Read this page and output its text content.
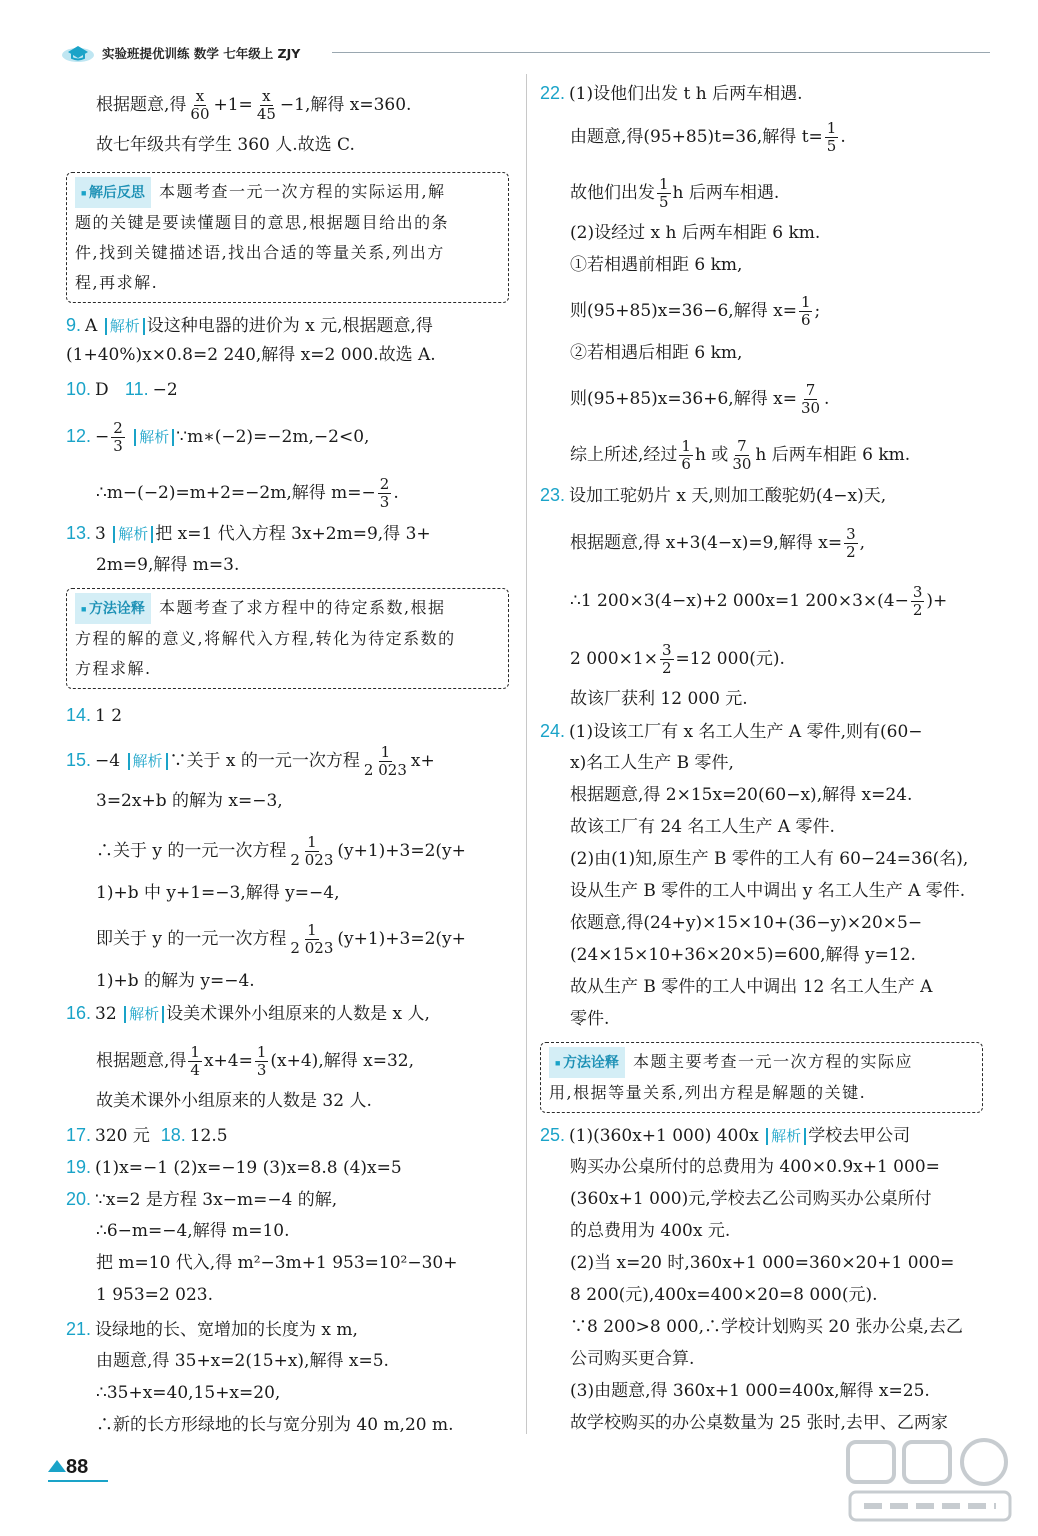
实验班提优训练 数学 七年级上 ZJY
根据题意,得 $\frac{x}{60} +1= \frac{x}{45} -1$,解得 x=360.
故七年级共有学生 360 人.故选 C.
■ 解后反思 本题考查一元一次方程的实际运用,解
题的关键是要读懂题目的意思,根据题目给出的条
件,找到关键描述语,找出合适的等量关系,列出方
程,再求解.
9. A 解析 设这种电器的进价为 x 元,根据题意,得
(1+40%)x×0.8=2 240,解得 x=2 000.故选 A.
10. D 11. −2
12. − $\frac{2}{3}$ 解析 ∵m∗(−2)=−2m,−2<0,
∴m−(−2)=m+2=−2m,解得 $m=- \frac{2}{3}$ .
13. 3 解析 把 x=1 代入方程 3x+2m=9,得 3+
2m=9,解得 m=3.
■ 方法诠释 本题考查了求方程中的待定系数,根据
方程的解的意义,将解代入方程,转化为待定系数的
方程求解.
14. 1 2
15. −4 解析 ∵关于 x 的一元一次方程 $\frac{1}{2 023} x+$
3=2x+b 的解为 x=−3,
∴关于 y 的一元一次方程 $\frac{1}{2 023} (y+1)+3=2(y+$
1)+b 中 y+1=−3,解得 y=−4,
即关于 y 的一元一次方程 $\frac{1}{2 023} (y+1)+3=2(y+$
1)+b 的解为 y=−4.
16. 32 解析 设美术课外小组原来的人数是 x 人,
根据题意,得 $\frac{1}{4} x+4= \frac{1}{3} (x+4)$,解得 x=32,
故美术课外小组原来的人数是 32 人.
17. 320 元 18. 12.5
19. (1)x=−1 (2)x=−19 (3)x=8.8 (4)x=5
20. ∵x=2 是方程 3x−m=−4 的解,
∴6−m=−4,解得 m=10.
把 m=10 代入,得 m²−3m+1 953=10²−30+
1 953=2 023.
21. 设绿地的长、宽增加的长度为 x m,
由题意,得 35+x=2(15+x),解得 x=5.
∴35+x=40,15+x=20,
∴新的长方形绿地的长与宽分别为 40 m,20 m.
22. (1)设他们出发 t h 后两车相遇.
由题意,得(95+85)t=36,解得 $t= \frac{1}{5}$ .
故他们出发 $\frac{1}{5}$ h 后两车相遇.
(2)设经过 x h 后两车相距 6 km.
①若相遇前相距 6 km,
则(95+85)x=36−6,解得 $x= \frac{1}{6}$ ;
②若相遇后相距 6 km,
则(95+85)x=36+6,解得 $x= \frac{7}{30}$ .
综上所述,经过 $\frac{1}{6}$ h 或 $\frac{7}{30}$ h 后两车相距 6 km.
23. 设加工驼奶片 x 天,则加工酸驼奶(4−x)天,
根据题意,得 x+3(4−x)=9,解得 $x= \frac{3}{2}$ ,
∴1 200×3(4−x)+2 000x=1 $200\times 3\times(4- \frac{3}{2}$ )+
2 $000\times 1\times \frac{3}{2} =12$ 000(元).
故该厂获利 12 000 元.
24. (1)设该工厂有 x 名工人生产 A 零件,则有(60−
x)名工人生产 B 零件,
根据题意,得 2×15x=20(60−x),解得 x=24.
故该工厂有 24 名工人生产 A 零件.
(2)由(1)知,原生产 B 零件的工人有 60−24=36(名),
设从生产 B 零件的工人中调出 y 名工人生产 A 零件.
依题意,得(24+y)×15×10+(36−y)×20×5−
(24×15×10+36×20×5)=600,解得 y=12.
故从生产 B 零件的工人中调出 12 名工人生产 A
零件.
■ 方法诠释 本题主要考查一元一次方程的实际应
用,根据等量关系,列出方程是解题的关键.
25. (1)(360x+1 000) 400x 解析 学校去甲公司
购买办公桌所付的总费用为 400×0.9x+1 000=
(360x+1 000)元,学校去乙公司购买办公桌所付
的总费用为 400x 元.
(2)当 x=20 时,360x+1 000=360×20+1 000=
8 200(元),400x=400×20=8 000(元).
∵8 200>8 000,∴学校计划购买 20 张办公桌,去乙
公司购买更合算.
(3)由题意,得 360x+1 000=400x,解得 x=25.
故学校购买的办公桌数量为 25 张时,去甲、乙两家
88
